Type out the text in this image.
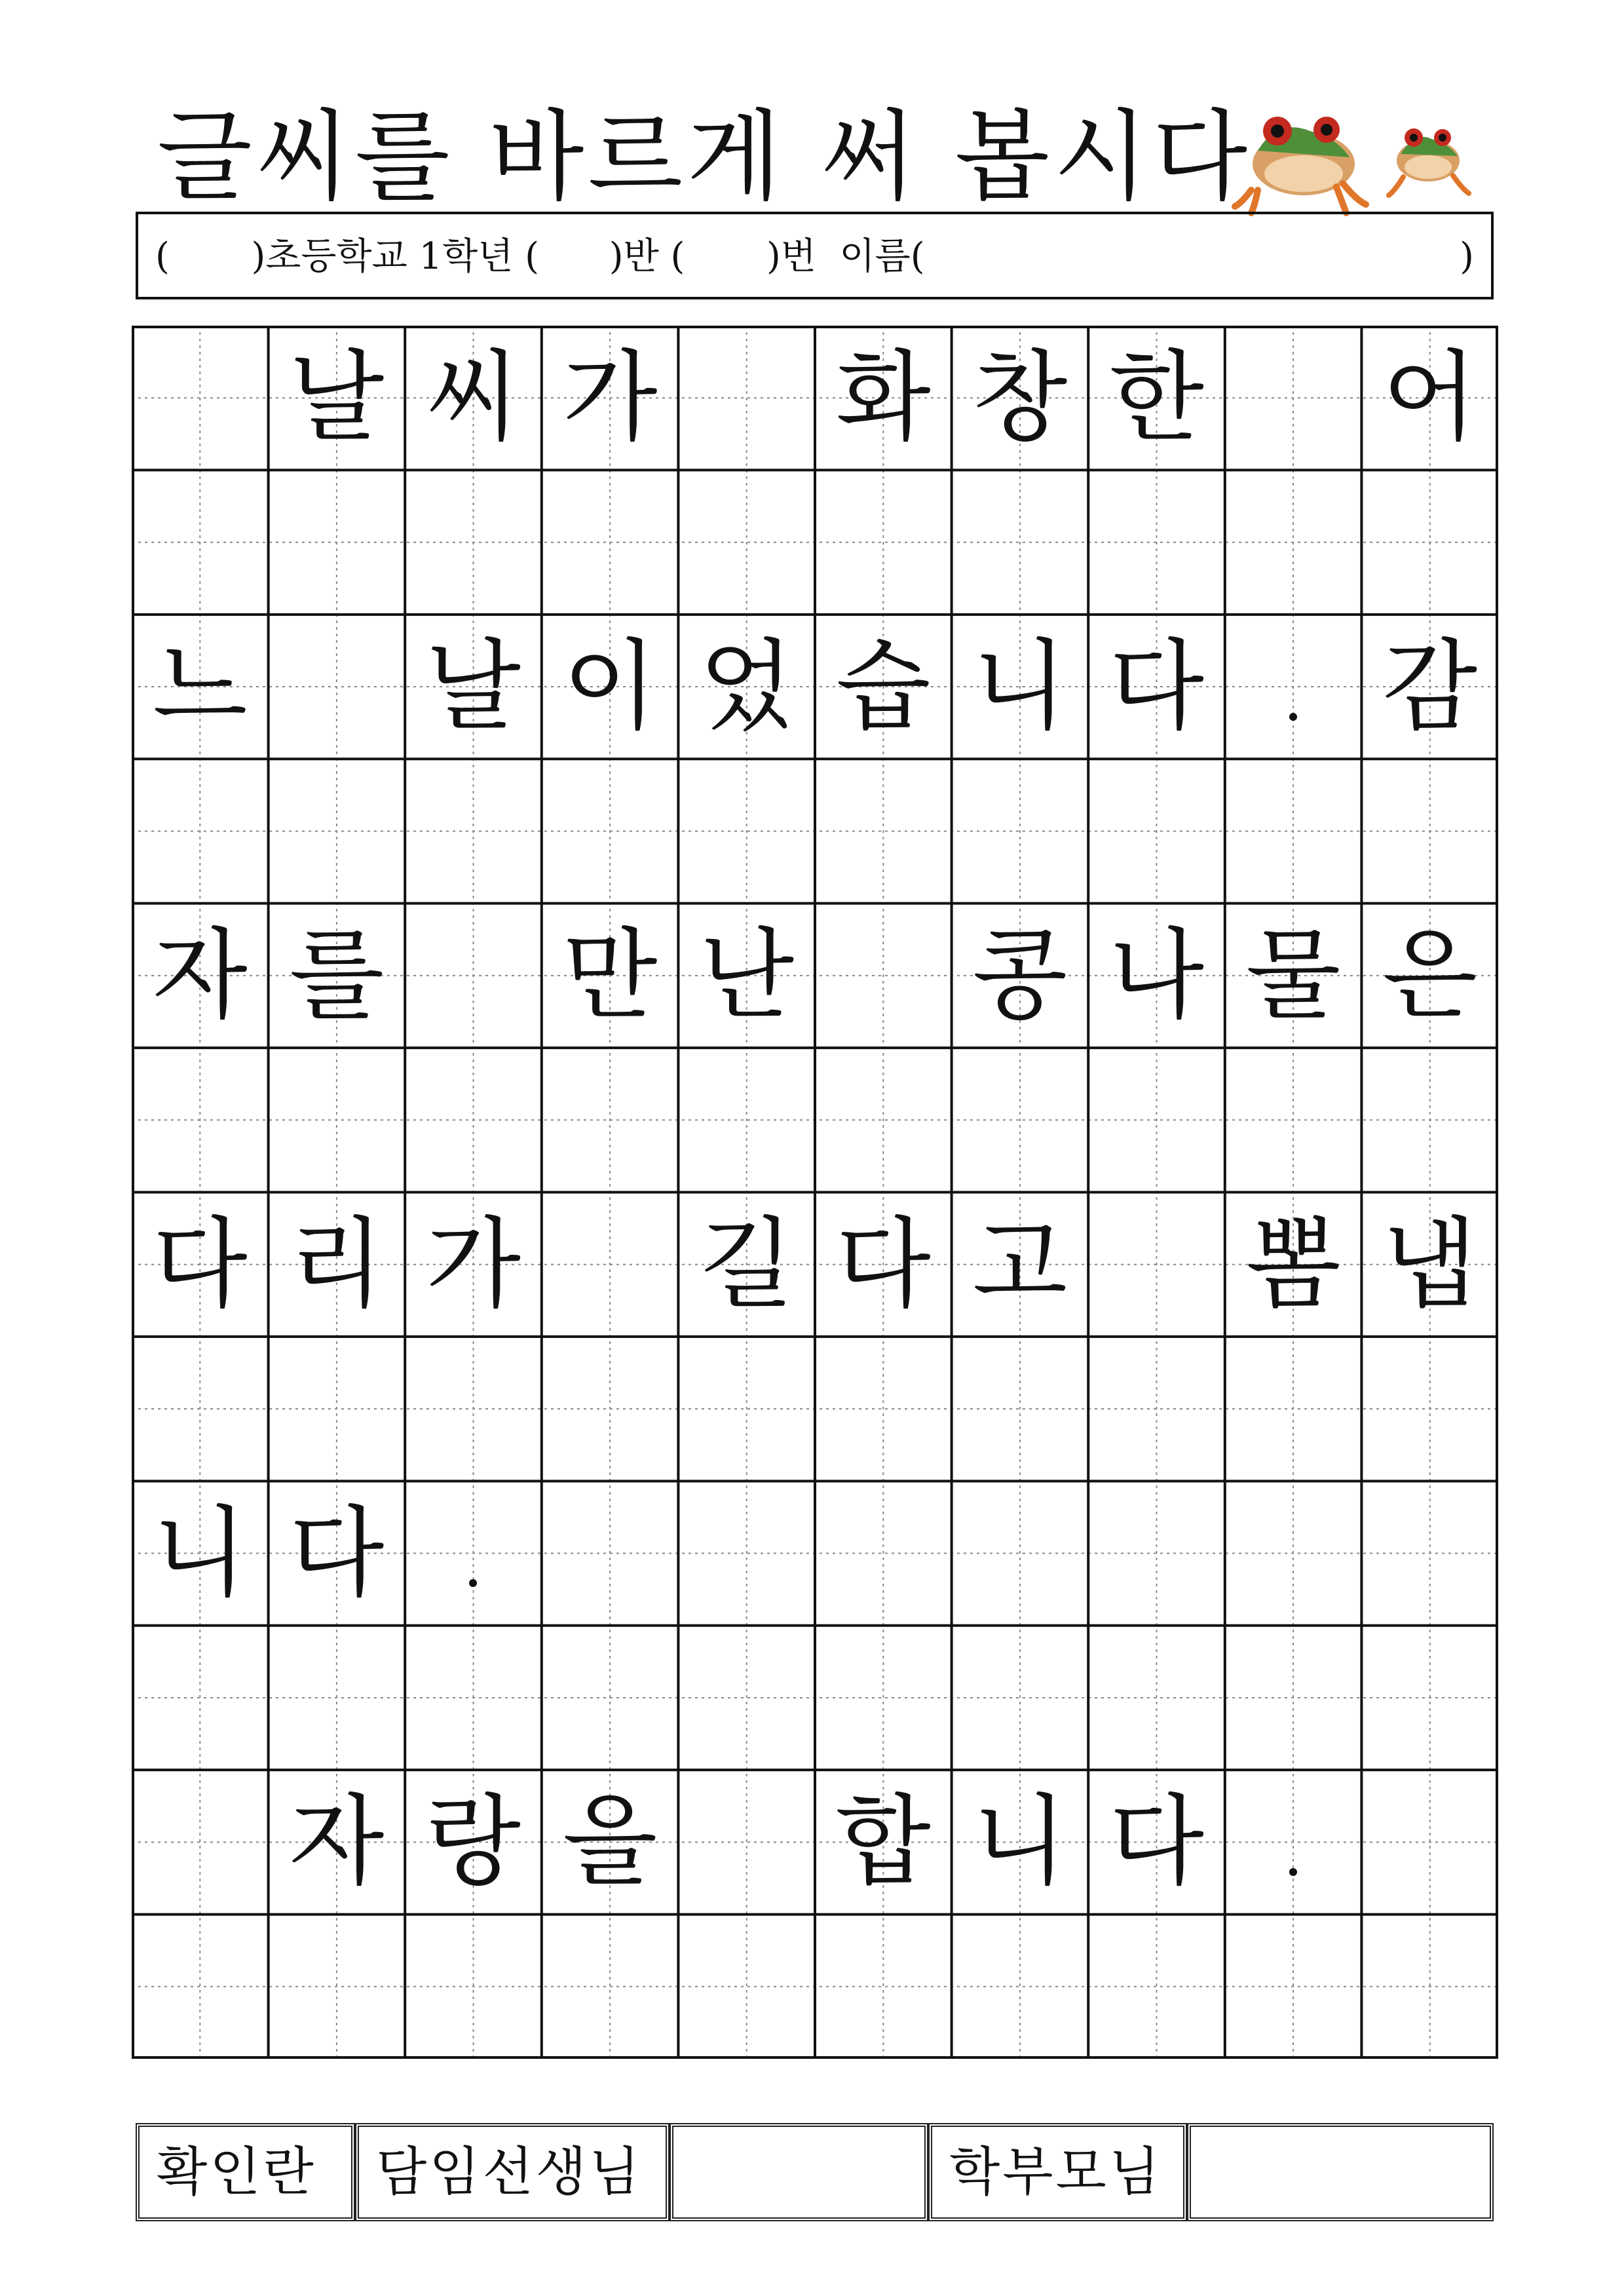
글씨를 바르게 써 봅시다
(       )초등학교 1학년 (      )반 (       )번  이름(	)
날 씨 가 화 창 한 어
느 날 이 었 습 니 다 감
자 를 만 난 콩 나 물 은
다 리 가 길 다 고 뽐 냅
니 다
자 랑 을 합 니 다
확인란	담임선생님	학부모님
